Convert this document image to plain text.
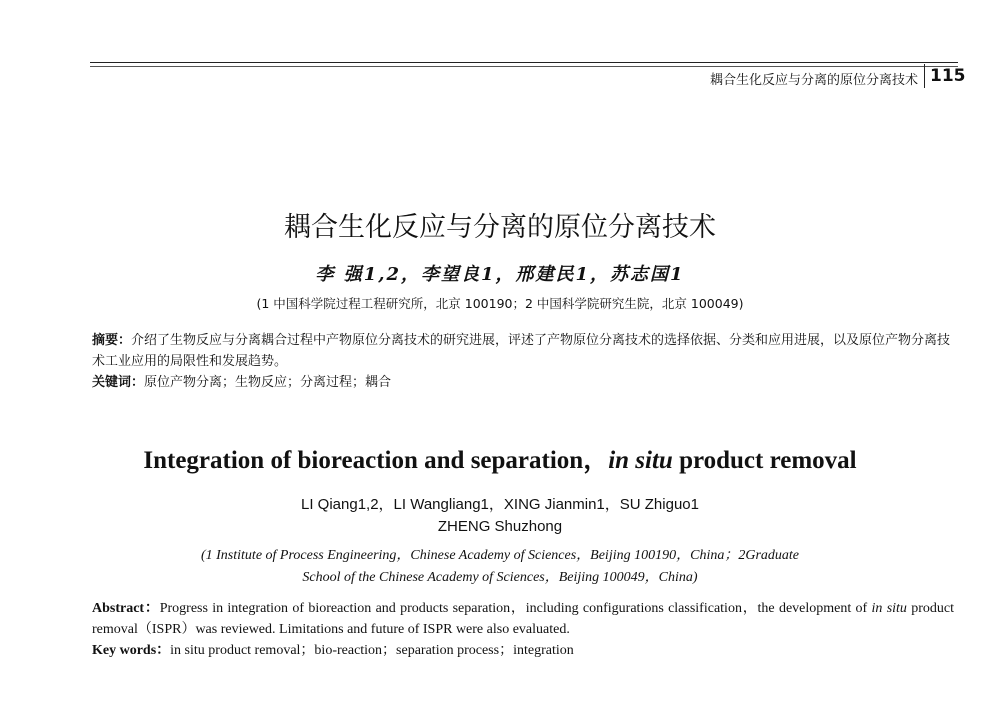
耦合生化反应与分离的原位分离技术 115
耦合生化反应与分离的原位分离技术
李 强1,2，李望良1，邢建民1，苏志国1
(1 中国科学院过程工程研究所，北京 100190；2 中国科学院研究生院，北京 100049)

摘要：介绍了生物反应与分离耦合过程中产物原位分离技术的研究进展，评述了产物原位分离技术的选择依据、分类和应用进展，以及原位产物分离技术工业应用的局限性和发展趋势。

关键词：原位产物分离；生物反应；分离过程；耦合

Integration of bioreaction and separation，in situ product removal
LI Qiang1,2，LI Wangliang1，XING Jianmin1，SU Zhiguo1
ZHENG Shuzhong
(1 Institute of Process Engineering，Chinese Academy of Sciences，Beijing 100190，China；2Graduate
School of the Chinese Academy of Sciences，Beijing 100049，China)

Abstract：Progress in integration of bioreaction and products separation，including configurations classification，the development of in situ product removal（ISPR）was reviewed. Limitations and future of ISPR were also evaluated.

Key words：in situ product removal；bio-reaction；separation process；integration
